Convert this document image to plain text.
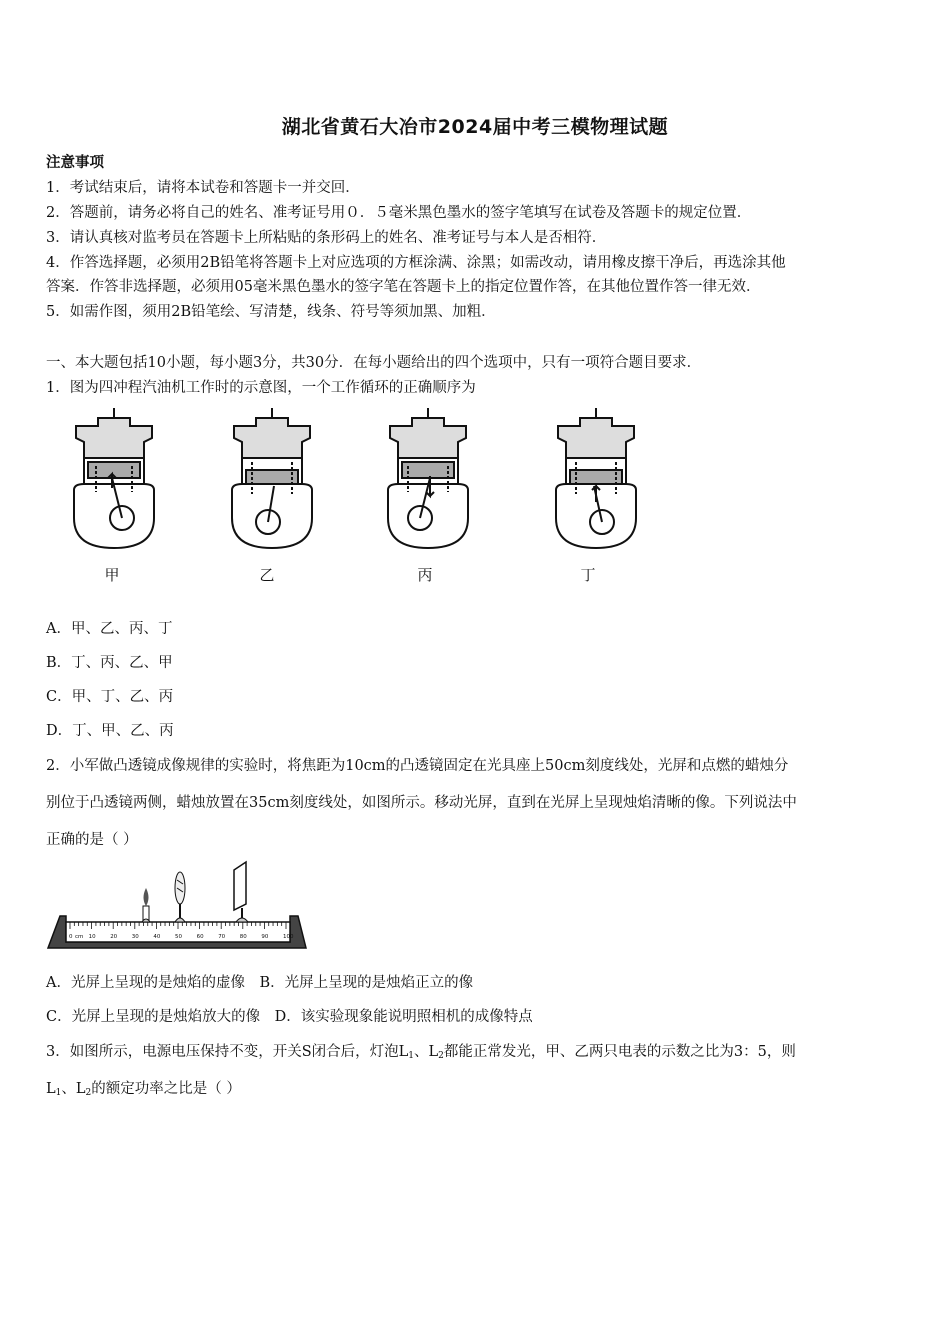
湖北省黄石大冶市2024届中考三模物理试题
注意事项
1．考试结束后，请将本试卷和答题卡一并交回．
2．答题前，请务必将自己的姓名、准考证号用０．５毫米黑色墨水的签字笔填写在试卷及答题卡的规定位置．
3．请认真核对监考员在答题卡上所粘贴的条形码上的姓名、准考证号与本人是否相符．
4．作答选择题，必须用2B铅笔将答题卡上对应选项的方框涂满、涂黑；如需改动，请用橡皮擦干净后，再选涂其他
答案．作答非选择题，必须用05毫米黑色墨水的签字笔在答题卡上的指定位置作答，在其他位置作答一律无效．
5．如需作图，须用2B铅笔绘、写清楚，线条、符号等须加黑、加粗．
一、本大题包括10小题，每小题3分，共30分．在每小题给出的四个选项中，只有一项符合题目要求．
1．图为四冲程汽油机工作时的示意图，一个工作循环的正确顺序为
甲	乙	丙	丁
A．甲、乙、丙、丁
B．丁、丙、乙、甲
C．甲、丁、乙、丙
D．丁、甲、乙、丙
2．小军做凸透镜成像规律的实验时，将焦距为10cm的凸透镜固定在光具座上50cm刻度线处，光屏和点燃的蜡烛分
别位于凸透镜两侧，蜡烛放置在35cm刻度线处，如图所示。移动光屏，直到在光屏上呈现烛焰清晰的像。下列说法中
正确的是（ ）
0 cm 10	20	30	40	50	60	70	80	90	100
A．光屏上呈现的是烛焰的虚像　B．光屏上呈现的是烛焰正立的像
C．光屏上呈现的是烛焰放大的像　D．该实验现象能说明照相机的成像特点
3．如图所示，电源电压保持不变，开关S闭合后，灯泡$L_1$、$L_2$都能正常发光，甲、乙两只电表的示数之比为3：5，则
$L_1$、$L_2$的额定功率之比是（ ）
